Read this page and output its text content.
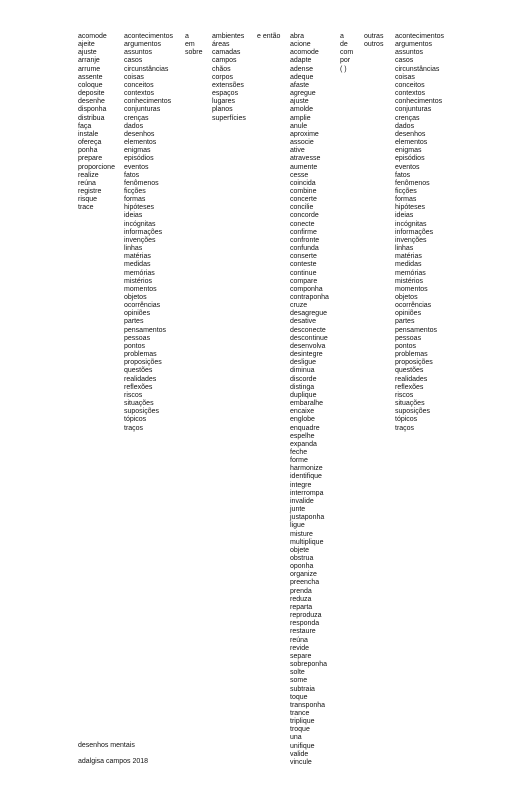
acomode
ajeite
ajuste
arranje
arrume
assente
coloque
deposite
desenhe
disponha
distribua
faça
instale
ofereça
ponha
prepare
proporcione
realize
reúna
registre
risque
trace
acontecimentos
argumentos
assuntos
casos
circunstâncias
coisas
conceitos
contextos
conhecimentos
conjunturas
crenças
dados
desenhos
elementos
enigmas
episódios
eventos
fatos
fenômenos
ficções
formas
hipóteses
ideias
incógnitas
informações
invenções
linhas
matérias
medidas
memórias
mistérios
momentos
objetos
ocorrências
opiniões
partes
pensamentos
pessoas
pontos
problemas
proposições
questões
realidades
reflexões
riscos
situações
suposições
tópicos
traços
a
em
sobre
ambientes
áreas
camadas
campos
chãos
corpos
extensões
espaços
lugares
planos
superfícies
e então abra
acione
acomode
adapte
adense
adeque
afaste
agregue
ajuste
amolde
amplie
anule
aproxime
associe
ative
atravesse
aumente
cesse
coincida
combine
concerte
concilie
concorde
conecte
confirme
confronte
confunda
conserte
conteste
continue
compare
componha
contraponha
cruze
desagregue
desative
desconecte
descontinue
desenvolva
desintegre
desligue
diminua
discorde
distinga
duplique
embaralhe
encaixe
englobe
enquadre
espelhe
expanda
feche
forme
harmonize
identifique
integre
interrompa
invalide
junte
justaponha
ligue
misture
multiplique
objete
obstrua
oponha
organize
preencha
prenda
reduza
reparta
reproduza
responda
restaure
reúna
revide
separe
sobreponha
solte
some
subtraia
toque
transponha
trance
triplique
troque
una
unifique
valide
vincule
a
de
com
por
( )
outras
outros
acontecimentos
argumentos
assuntos
casos
circunstâncias
coisas
conceitos
contextos
conhecimentos
conjunturas
crenças
dados
desenhos
elementos
enigmas
episódios
eventos
fatos
fenômenos
ficções
formas
hipóteses
ideias
incógnitas
informações
invenções
linhas
matérias
medidas
memórias
mistérios
momentos
objetos
ocorrências
opiniões
partes
pensamentos
pessoas
pontos
problemas
proposições
questões
realidades
reflexões
riscos
situações
suposições
tópicos
traços
desenhos mentais
adalgisa campos 2018
